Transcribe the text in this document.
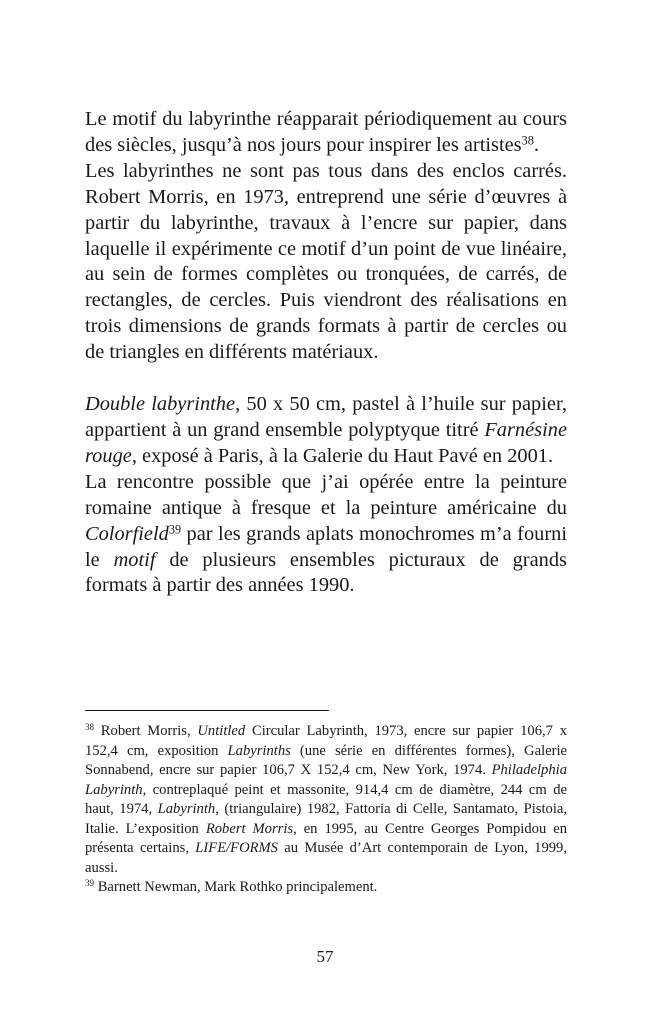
Le motif du labyrinthe réapparait périodiquement au cours des siècles, jusqu’à nos jours pour inspirer les artistes$^{38}$.

Les labyrinthes ne sont pas tous dans des enclos carrés. Robert Morris, en 1973, entreprend une série d’œuvres à partir du labyrinthe, travaux à l’encre sur papier, dans laquelle il expérimente ce motif d’un point de vue linéaire, au sein de formes complètes ou tronquées, de carrés, de rectangles, de cercles. Puis viendront des réalisations en trois dimensions de grands formats à partir de cercles ou de triangles en différents matériaux.

Double labyrinthe, 50 x 50 cm, pastel à l’huile sur papier, appartient à un grand ensemble polyptyque titré Farnésine rouge, exposé à Paris, à la Galerie du Haut Pavé en 2001.

La rencontre possible que j’ai opérée entre la peinture romaine antique à fresque et la peinture américaine du Colorfield$^{39}$ par les grands aplats monochromes m’a fourni le motif de plusieurs ensembles picturaux de grands formats à partir des années 1990.

$^{38}$ Robert Morris, Untitled Circular Labyrinth, 1973, encre sur papier 106,7 x 152,4 cm, exposition Labyrinths (une série en différentes formes), Galerie Sonnabend, encre sur papier 106,7 X 152,4 cm, New York, 1974. Philadelphia Labyrinth, contreplaqué peint et massonite, 914,4 cm de diamètre, 244 cm de haut, 1974, Labyrinth, (triangulaire) 1982, Fattoria di Celle, Santamato, Pistoia, Italie. L’exposition Robert Morris, en 1995, au Centre Georges Pompidou en présenta certains, LIFE/FORMS au Musée d’Art contemporain de Lyon, 1999, aussi.

$^{39}$ Barnett Newman, Mark Rothko principalement.

57
